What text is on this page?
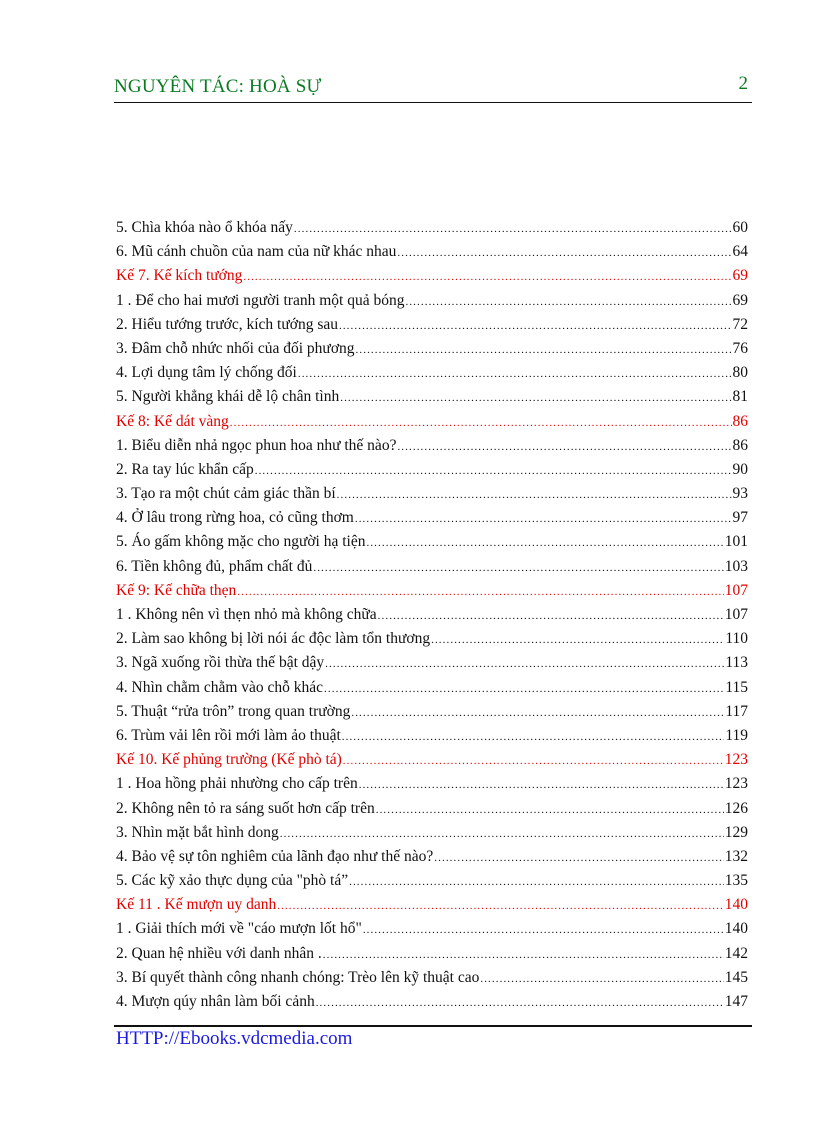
NGUYÊN TÁC: HOÀ SỰ	2
5. Chìa khóa nào ổ khóa nấy .....	60
6. Mũ cánh chuồn của nam của nữ khác nhau .....	64
Kế 7. Kế kích tướng .....	69
1 . Để cho hai mươi người tranh một quả bóng .....	69
2. Hiểu tướng trước, kích tướng sau .....	72
3. Đâm chỗ nhức nhối của đối phương .....	76
4. Lợi dụng tâm lý chống đối .....	80
5. Người khẳng khái dễ lộ chân tình .....	81
Kế 8: Kế dát vàng .....	86
1. Biểu diễn nhả ngọc phun hoa như thế nào? .....	86
2. Ra tay lúc khẩn cấp .....	90
3. Tạo ra một chút cảm giác thần bí .....	93
4. Ở lâu trong rừng hoa, cỏ cũng thơm .....	97
5. Áo gấm không mặc cho người hạ tiện .....	101
6. Tiền không đủ, phẩm chất đủ .....	103
Kế 9: Kế chữa thẹn .....	107
1 . Không nên vì thẹn nhỏ mà không chữa .....	107
2. Làm sao không bị lời nói ác độc làm tổn thương .....	110
3. Ngã xuống rồi thừa thế bật dậy .....	113
4. Nhìn chằm chằm vào chỗ khác .....	115
5. Thuật “rửa trôn” trong quan trường .....	117
6. Trùm vải lên rồi mới làm ảo thuật .....	119
Kế 10. Kế phủng trường (Kế phò tá) .....	123
1 . Hoa hồng phải nhường cho cấp trên .....	123
2. Không nên tỏ ra sáng suốt hơn cấp trên .....	126
3. Nhìn mặt bắt hình dong .....	129
4. Bảo vệ sự tôn nghiêm của lãnh đạo như thế nào? .....	132
5. Các kỹ xảo thực dụng của "phò tá” .....	135
Kế 11 . Kế mượn uy danh .....	140
1 . Giải thích mới về "cáo mượn lốt hổ" .....	140
2. Quan hệ nhiều với danh nhân . .....	142
3. Bí quyết thành công nhanh chóng: Trèo lên kỹ thuật cao .....	145
4. Mượn qúy nhân làm bối cảnh .....	147
HTTP://Ebooks.vdcmedia.com
